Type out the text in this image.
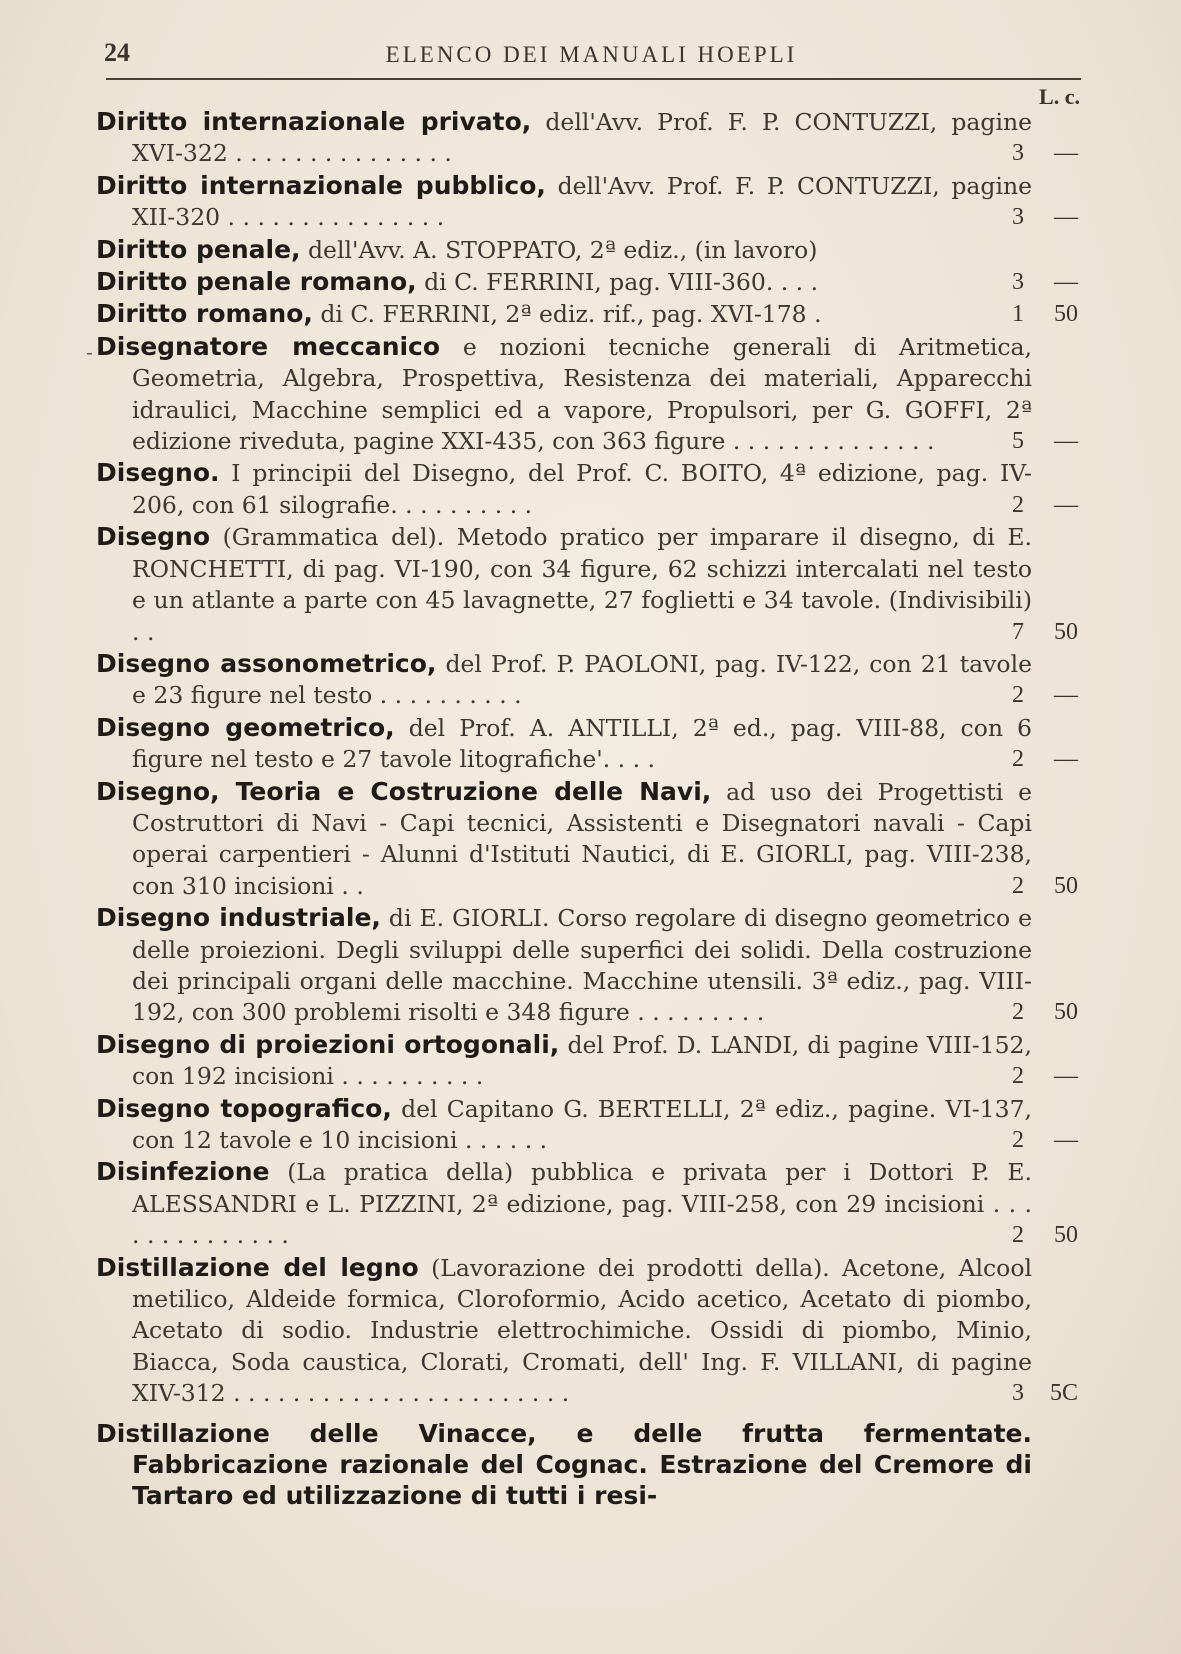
24	ELENCO DEI MANUALI HOEPLI
L. c.
-
Diritto internazionale privato, dell'Avv. Prof. F. P. CONTUZZI, pagine XVI-322 . . . . . . . . . . . . . . .	3 —
Diritto internazionale pubblico, dell'Avv. Prof. F. P. CONTUZZI, pagine XII-320 . . . . . . . . . . . . . . .	3 —
Diritto penale, dell'Avv. A. STOPPATO, 2ª ediz., (in lavoro)
Diritto penale romano, di C. FERRINI, pag. VIII-360. . . .	3 —
Diritto romano, di C. FERRINI, 2ª ediz. rif., pag. XVI-178 .	1 50
Disegnatore meccanico e nozioni tecniche generali di Aritmetica, Geometria, Algebra, Prospettiva, Resistenza dei materiali, Apparecchi idraulici, Macchine semplici ed a vapore, Propulsori, per G. GOFFI, 2ª edizione riveduta, pagine XXI-435, con 363 figure . . . . . . . . . . . . . .	5 —
Disegno. I principii del Disegno, del Prof. C. BOITO, 4ª edizione, pag. IV-206, con 61 silografie. . . . . . . . . .	2 —
Disegno (Grammatica del). Metodo pratico per imparare il disegno, di E. RONCHETTI, di pag. VI-190, con 34 figure, 62 schizzi intercalati nel testo e un atlante a parte con 45 lavagnette, 27 foglietti e 34 tavole. (Indivisibili) . .	7 50
Disegno assonometrico, del Prof. P. PAOLONI, pag. IV-122, con 21 tavole e 23 figure nel testo . . . . . . . . . .	2 —
Disegno geometrico, del Prof. A. ANTILLI, 2ª ed., pag. VIII-88, con 6 figure nel testo e 27 tavole litografiche'. . . .	2 —
Disegno, Teoria e Costruzione delle Navi, ad uso dei Progettisti e Costruttori di Navi - Capi tecnici, Assistenti e Disegnatori navali - Capi operai carpentieri - Alunni d'Istituti Nautici, di E. GIORLI, pag. VIII-238, con 310 incisioni . .	2 50
Disegno industriale, di E. GIORLI. Corso regolare di disegno geometrico e delle proiezioni. Degli sviluppi delle superfici dei solidi. Della costruzione dei principali organi delle macchine. Macchine utensili. 3ª ediz., pag. VIII-192, con 300 problemi risolti e 348 figure . . . . . . . . .	2 50
Disegno di proiezioni ortogonali, del Prof. D. LANDI, di pagine VIII-152, con 192 incisioni . . . . . . . . . .	2 —
Disegno topografico, del Capitano G. BERTELLI, 2ª ediz., pagine. VI-137, con 12 tavole e 10 incisioni . . . . . .	2 —
Disinfezione (La pratica della) pubblica e privata per i Dottori P. E. ALESSANDRI e L. PIZZINI, 2ª edizione, pag. VIII-258, con 29 incisioni . . . . . . . . . . . . . .	2 50
Distillazione del legno (Lavorazione dei prodotti della). Acetone, Alcool metilico, Aldeide formica, Cloroformio, Acido acetico, Acetato di piombo, Acetato di sodio. Industrie elettrochimiche. Ossidi di piombo, Minio, Biacca, Soda caustica, Clorati, Cromati, dell' Ing. F. VILLANI, di pagine XIV-312 . . . . . . . . . . . . . . . . . . . . . . .	3 5C
Distillazione delle Vinacce, e delle frutta fermentate. Fabbricazione razionale del Cognac. Estrazione del Cremore di Tartaro ed utilizzazione di tutti i resi-
